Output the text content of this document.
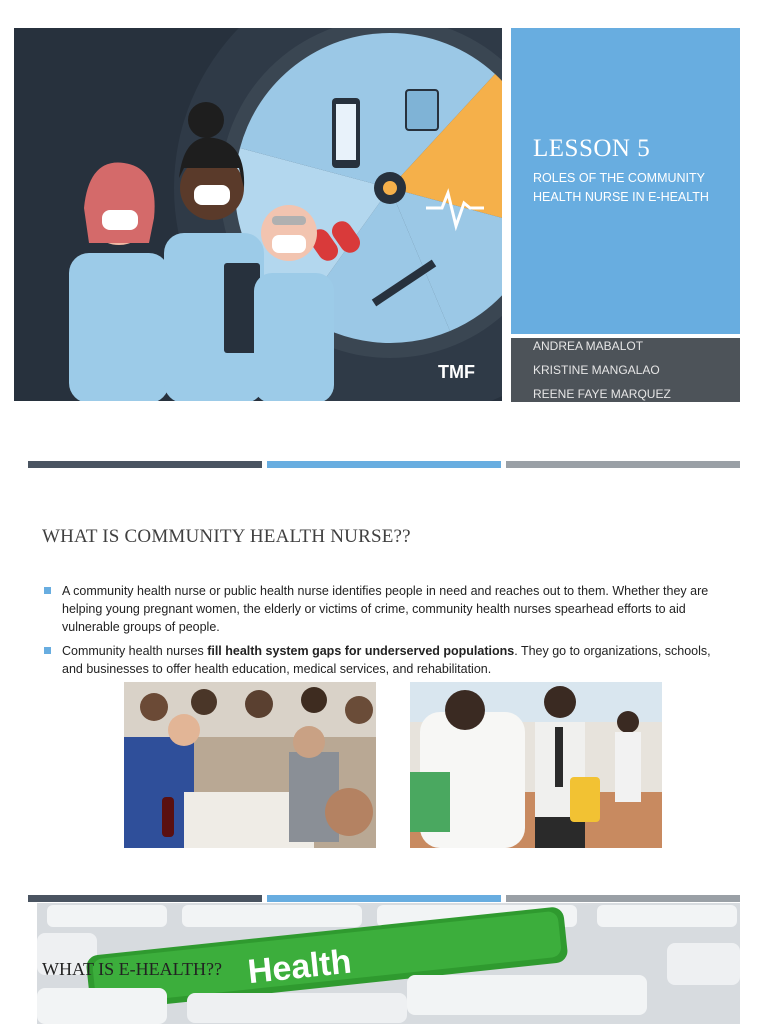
TMF
LESSON 5
ROLES OF THE COMMUNITY HEALTH NURSE IN E-HEALTH
ANDREA MABALOT
KRISTINE MANGALAO
REENE FAYE MARQUEZ
WHAT IS COMMUNITY HEALTH NURSE??
A community health nurse or public health nurse identifies people in need and reaches out to them. Whether they are helping young pregnant women, the elderly or victims of crime, community health nurses spearhead efforts to aid vulnerable groups of people.
Community health nurses fill health system gaps for underserved populations. They go to organizations, schools, and businesses to offer health education, medical services, and rehabilitation.
Health
WHAT IS E-HEALTH??
